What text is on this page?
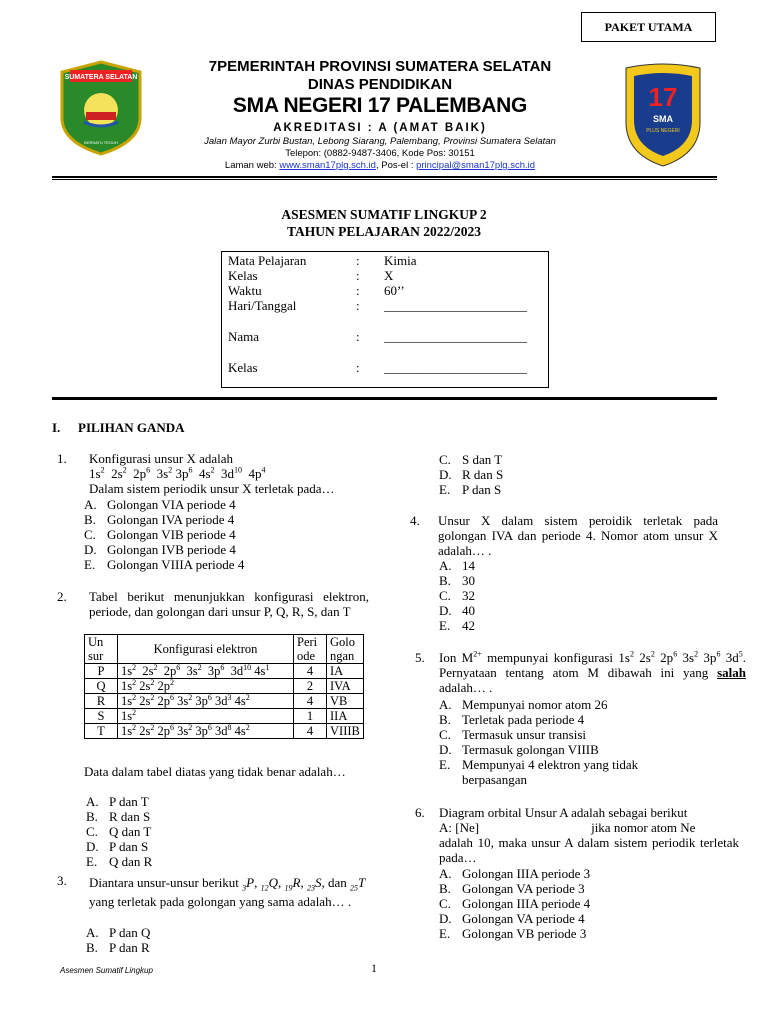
PAKET UTAMA
SUMATERA SELATAN
BERSATU TEGUH
7PEMERINTAH PROVINSI SUMATERA SELATAN
DINAS PENDIDIKAN
SMA NEGERI 17 PALEMBANG
AKREDITASI : A (AMAT BAIK)
Jalan Mayor Zurbi Bustan, Lebong Siarang, Palembang, Provinsi Sumatera Selatan
Telepon: (0882-9487-3406, Kode Pos: 30151
Laman web: www.sman17plg.sch.id, Pos-el : principal@sman17plg.sch.id
17
SMA
PLUS NEGERI
ASESMEN SUMATIF LINGKUP 2
TAHUN PELAJARAN 2022/2023
Mata Pelajaran	: Kimia
Kelas	: X
Waktu	: 60’’
Hari/Tanggal	: ______________________
Nama	: ______________________
Kelas	: ______________________
I. PILIHAN GANDA
1. Konfigurasi unsur X adalah
$1s^2$  $2s^2$  $2p^6$  $3s^2$ $3p^6$  $4s^2$  $3d^{10}$  $4p^4$
Dalam sistem periodik unsur X terletak pada…
A. Golongan VIA periode 4
B. Golongan IVA periode 4
C. Golongan VIB periode 4
D. Golongan IVB periode 4
E. Golongan VIIIA periode 4
2. Tabel berikut menunjukkan konfigurasi elektron, periode, dan golongan dari unsur P, Q, R, S, dan T
Un sur	Konfigurasi elektron	Peri ode	Golo ngan
P	$1s^2$  $2s^2$  $2p^6$  $3s^2$  $3p^6$  $3d^{10}$ $4s^1$	4	IA
Q	$1s^2$ $2s^2$ $2p^2$	2	IVA
R	$1s^2$ $2s^2$ $2p^6$ $3s^2$ $3p^6$ $3d^3$ $4s^2$	4	VB
S	$1s^2$	1	IIA
T	$1s^2$ $2s^2$ $2p^6$ $3s^2$ $3p^6$ $3d^8$ $4s^2$	4	VIIIB
Data dalam tabel diatas yang tidak benar adalah…
A. P dan T
B. R dan S
C. Q dan T
D. P dan S
E. Q dan R
3. Diantara unsur-unsur berikut $_3$P, $_{12}$Q, $_{19}$R, $_{23}$S, dan $_{25}$T yang terletak pada golongan yang sama adalah… .
A. P dan Q
B. P dan R
C. S dan T
D. R dan S
E. P dan S
4. Unsur X dalam sistem peroidik terletak pada golongan IVA dan periode 4. Nomor atom unsur X adalah… .
A. 14
B. 30
C. 32
D. 40
E. 42
5. Ion $M^{2+}$ mempunyai konfigurasi $1s^2$ $2s^2$ $2p^6$ $3s^2$ $3p^6$ $3d^5$. Pernyataan tentang atom M dibawah ini yang salah adalah… .
A. Mempunyai nomor atom 26
B. Terletak pada periode 4
C. Termasuk unsur transisi
D. Termasuk golongan VIIIB
E. Mempunyai 4 elektron yang tidak berpasangan
6. Diagram orbital Unsur A adalah sebagai berikut
A: [Ne]	jika nomor atom Ne
adalah 10, maka unsur A dalam sistem periodik terletak pada…
A. Golongan IIIA periode 3
B. Golongan VA periode 3
C. Golongan IIIA periode 4
D. Golongan VA periode 4
E. Golongan VB periode 3
Asesmen Sumatif Lingkup	1
